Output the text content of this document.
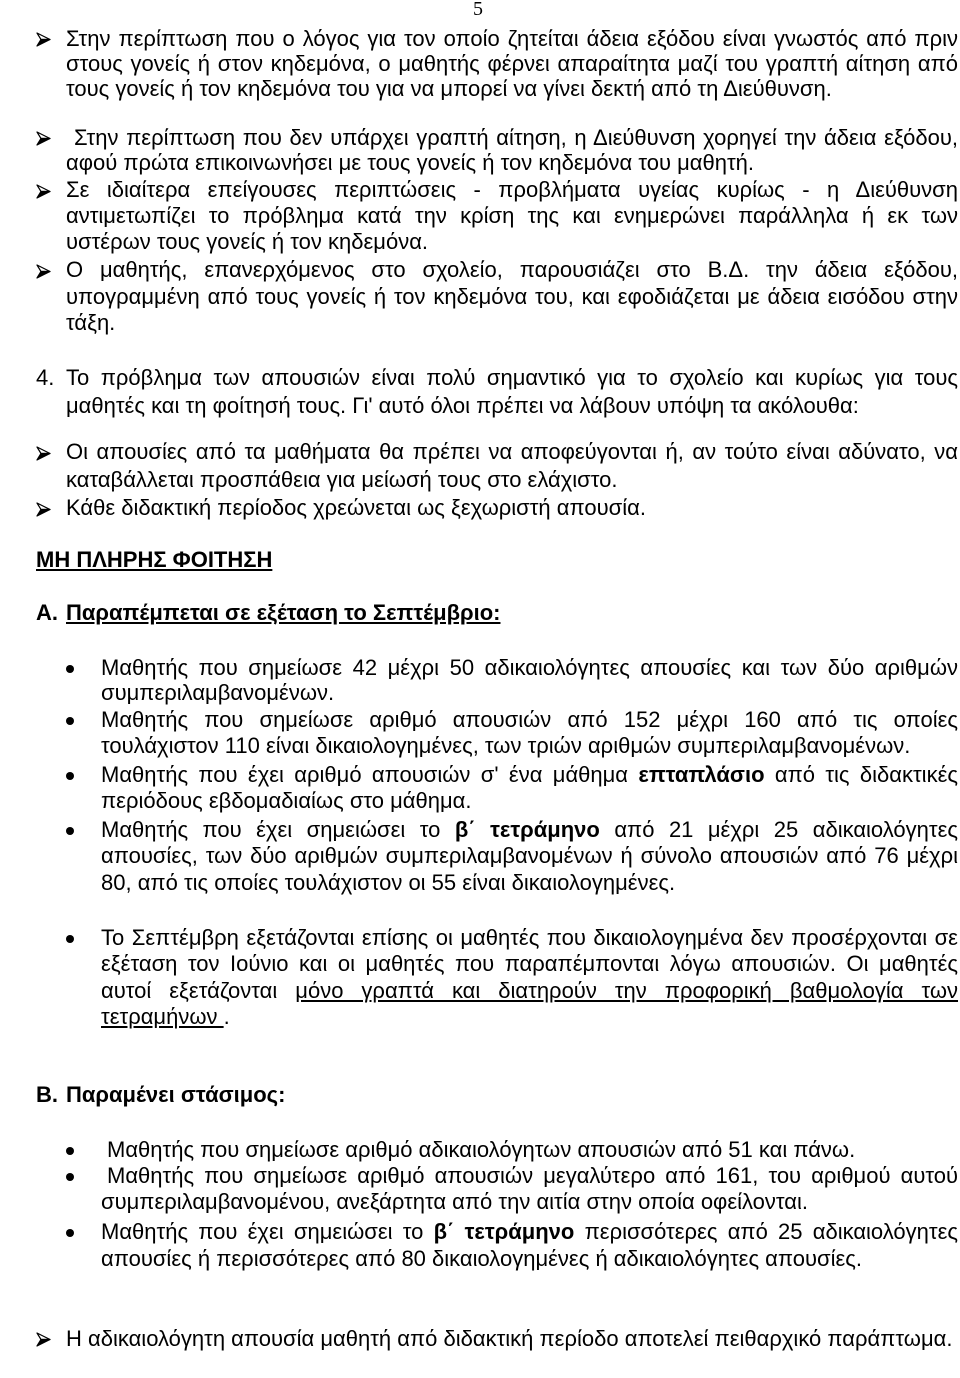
5
Στην περίπτωση που ο λόγος για τον οποίο ζητείται άδεια εξόδου είναι γνωστός από πριν στους γονείς ή στον κηδεμόνα, ο μαθητής φέρνει απαραίτητα μαζί του γραπτή αίτηση από τους γονείς ή τον κηδεμόνα του για να μπορεί να γίνει δεκτή από τη Διεύθυνση.
Στην περίπτωση που δεν υπάρχει γραπτή αίτηση, η Διεύθυνση χορηγεί την άδεια εξόδου, αφού πρώτα επικοινωνήσει με τους γονείς ή τον κηδεμόνα του μαθητή.
Σε ιδιαίτερα επείγουσες περιπτώσεις - προβλήματα υγείας κυρίως - η Διεύθυνση αντιμετωπίζει το πρόβλημα κατά την κρίση της και ενημερώνει παράλληλα ή εκ των υστέρων τους γονείς ή τον κηδεμόνα.
Ο μαθητής, επανερχόμενος στο σχολείο, παρουσιάζει στο Β.Δ. την άδεια εξόδου, υπογραμμένη από τους γονείς ή τον κηδεμόνα του, και εφοδιάζεται με άδεια εισόδου στην τάξη.
4. Το πρόβλημα των απουσιών είναι πολύ σημαντικό για το σχολείο και κυρίως για τους μαθητές και τη φοίτησή τους. Γι' αυτό όλοι πρέπει να λάβουν υπόψη τα ακόλουθα:
Οι απουσίες από τα μαθήματα θα πρέπει να αποφεύγονται ή, αν τούτο είναι αδύνατο, να καταβάλλεται προσπάθεια για μείωσή τους στο ελάχιστο.
Κάθε διδακτική περίοδος χρεώνεται ως ξεχωριστή απουσία.
ΜΗ ΠΛΗΡΗΣ ΦΟΙΤΗΣΗ
Α. Παραπέμπεται σε εξέταση το Σεπτέμβριο:
Μαθητής που σημείωσε 42 μέχρι 50 αδικαιολόγητες απουσίες και των δύο αριθμών συμπεριλαμβανομένων.
Μαθητής που σημείωσε αριθμό απουσιών από 152 μέχρι 160 από τις οποίες τουλάχιστον 110 είναι δικαιολογημένες, των τριών αριθμών συμπεριλαμβανομένων.
Μαθητής που έχει αριθμό απουσιών σ' ένα μάθημα επταπλάσιο από τις διδακτικές περιόδους εβδομαδιαίως στο μάθημα.
Μαθητής που έχει σημειώσει το β΄ τετράμηνο από 21 μέχρι 25 αδικαιολόγητες απουσίες, των δύο αριθμών συμπεριλαμβανομένων ή σύνολο απουσιών από 76 μέχρι 80, από τις οποίες τουλάχιστον οι 55 είναι δικαιολογημένες.
Το Σεπτέμβρη εξετάζονται επίσης οι μαθητές που δικαιολογημένα δεν προσέρχονται σε εξέταση τον Ιούνιο και οι μαθητές που παραπέμπονται λόγω απουσιών. Οι μαθητές αυτοί εξετάζονται μόνο γραπτά και διατηρούν την προφορική βαθμολογία των τετραμήνων .
Β. Παραμένει στάσιμος:
Μαθητής που σημείωσε αριθμό αδικαιολόγητων απουσιών από 51 και πάνω.
Μαθητής που σημείωσε αριθμό απουσιών μεγαλύτερο από 161, του αριθμού αυτού συμπεριλαμβανομένου, ανεξάρτητα από την αιτία στην οποία οφείλονται.
Μαθητής που έχει σημειώσει το β΄ τετράμηνο περισσότερες από 25 αδικαιολόγητες απουσίες ή περισσότερες από 80 δικαιολογημένες ή αδικαιολόγητες απουσίες.
Η αδικαιολόγητη απουσία μαθητή από διδακτική περίοδο αποτελεί πειθαρχικό παράπτωμα.
